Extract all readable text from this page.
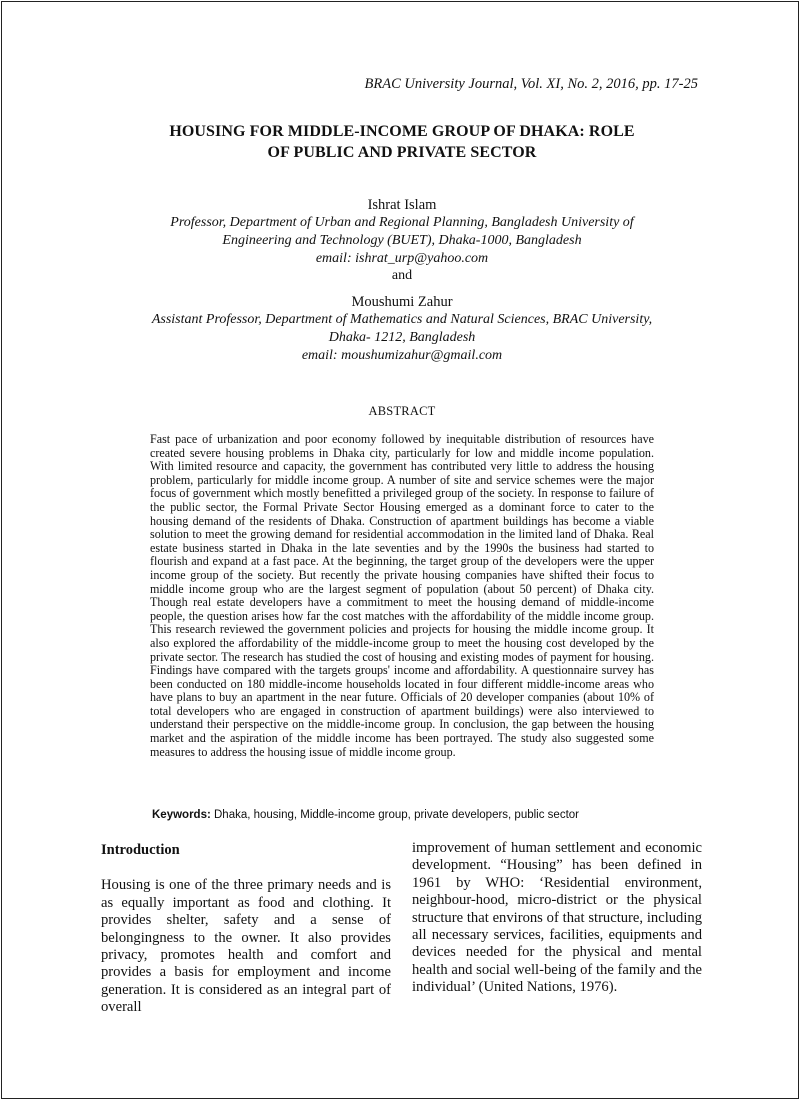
BRAC University Journal, Vol. XI, No. 2, 2016, pp. 17-25
HOUSING FOR MIDDLE-INCOME GROUP OF DHAKA: ROLE
OF PUBLIC AND PRIVATE SECTOR
Ishrat Islam
Professor, Department of Urban and Regional Planning, Bangladesh University of
Engineering and Technology (BUET), Dhaka-1000, Bangladesh
email: ishrat_urp@yahoo.com
and
Moushumi Zahur
Assistant Professor, Department of Mathematics and Natural Sciences, BRAC University,
Dhaka- 1212, Bangladesh
email: moushumizahur@gmail.com
ABSTRACT

Fast pace of urbanization and poor economy followed by inequitable distribution of resources have created severe housing problems in Dhaka city, particularly for low and middle income population. With limited resource and capacity, the government has contributed very little to address the housing problem, particularly for middle income group. A number of site and service schemes were the major focus of government which mostly benefitted a privileged group of the society. In response to failure of the public sector, the Formal Private Sector Housing emerged as a dominant force to cater to the housing demand of the residents of Dhaka. Construction of apartment buildings has become a viable solution to meet the growing demand for residential accommodation in the limited land of Dhaka. Real estate business started in Dhaka in the late seventies and by the 1990s the business had started to flourish and expand at a fast pace. At the beginning, the target group of the developers were the upper income group of the society. But recently the private housing companies have shifted their focus to middle income group who are the largest segment of population (about 50 percent) of Dhaka city. Though real estate developers have a commitment to meet the housing demand of middle-income people, the question arises how far the cost matches with the affordability of the middle income group. This research reviewed the government policies and projects for housing the middle income group. It also explored the affordability of the middle-income group to meet the housing cost developed by the private sector. The research has studied the cost of housing and existing modes of payment for housing. Findings have compared with the targets groups' income and affordability. A questionnaire survey has been conducted on 180 middle-income households located in four different middle-income areas who have plans to buy an apartment in the near future. Officials of 20 developer companies (about 10% of total developers who are engaged in construction of apartment buildings) were also interviewed to understand their perspective on the middle-income group. In conclusion, the gap between the housing market and the aspiration of the middle income has been portrayed. The study also suggested some measures to address the housing issue of middle income group.

Keywords: Dhaka, housing, Middle-income group, private developers, public sector
Introduction

Housing is one of the three primary needs and is as equally important as food and clothing. It provides shelter, safety and a sense of belongingness to the owner. It also provides privacy, promotes health and comfort and provides a basis for employment and income generation. It is considered as an integral part of overall

improvement of human settlement and economic development. “Housing” has been defined in 1961 by WHO: ‘Residential environment, neighbour-hood, micro-district or the physical structure that environs of that structure, including all necessary services, facilities, equipments and devices needed for the physical and mental health and social well-being of the family and the individual’ (United Nations, 1976).
